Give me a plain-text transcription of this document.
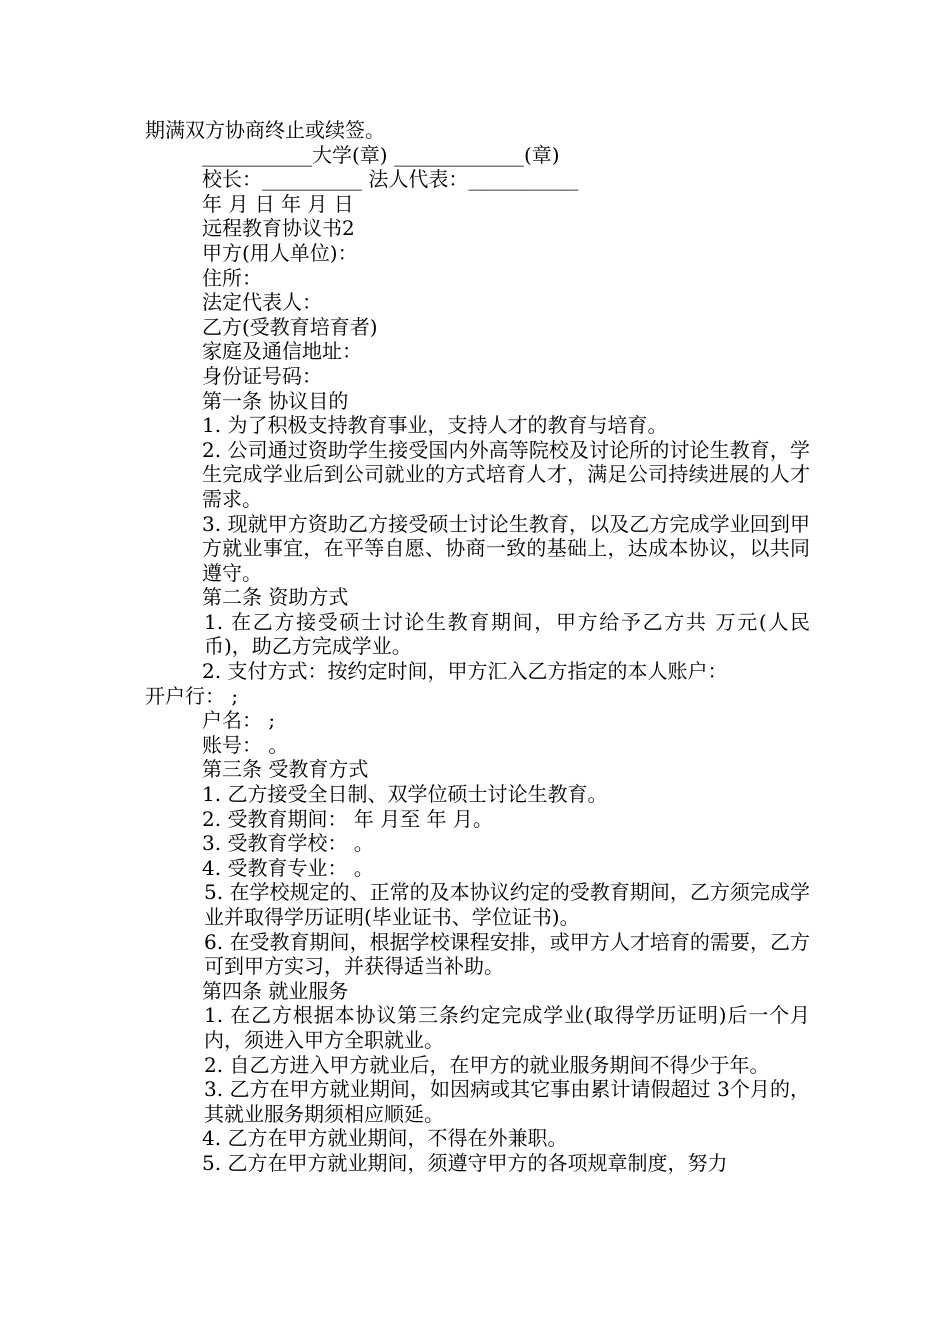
期满双方协商终止或续签。
___________大学(章) _____________(章)
校长：__________ 法人代表：___________
年 月 日 年 月 日
远程教育协议书2
甲方(用人单位)：
住所：
法定代表人：
乙方(受教育培育者)
家庭及通信地址：
身份证号码：
第一条 协议目的
1. 为了积极支持教育事业，支持人才的教育与培育。
2. 公司通过资助学生接受国内外高等院校及讨论所的讨论生教育，学生完成学业后到公司就业的方式培育人才，满足公司持续进展的人才需求。
3. 现就甲方资助乙方接受硕士讨论生教育，以及乙方完成学业回到甲方就业事宜，在平等自愿、协商一致的基础上，达成本协议，以共同遵守。
第二条 资助方式
1. 在乙方接受硕士讨论生教育期间，甲方给予乙方共 万元(人民币)，助乙方完成学业。
2. 支付方式：按约定时间，甲方汇入乙方指定的本人账户：
开户行： ;
户名： ;
账号： 。
第三条 受教育方式
1. 乙方接受全日制、双学位硕士讨论生教育。
2. 受教育期间： 年 月至 年 月。
3. 受教育学校： 。
4. 受教育专业： 。
5. 在学校规定的、正常的及本协议约定的受教育期间，乙方须完成学业并取得学历证明(毕业证书、学位证书)。
6. 在受教育期间，根据学校课程安排，或甲方人才培育的需要，乙方可到甲方实习，并获得适当补助。
第四条 就业服务
1. 在乙方根据本协议第三条约定完成学业(取得学历证明)后一个月内，须进入甲方全职就业。
2. 自乙方进入甲方就业后，在甲方的就业服务期间不得少于年。
3. 乙方在甲方就业期间，如因病或其它事由累计请假超过 3个月的，其就业服务期须相应顺延。
4. 乙方在甲方就业期间，不得在外兼职。
5. 乙方在甲方就业期间，须遵守甲方的各项规章制度，努力
